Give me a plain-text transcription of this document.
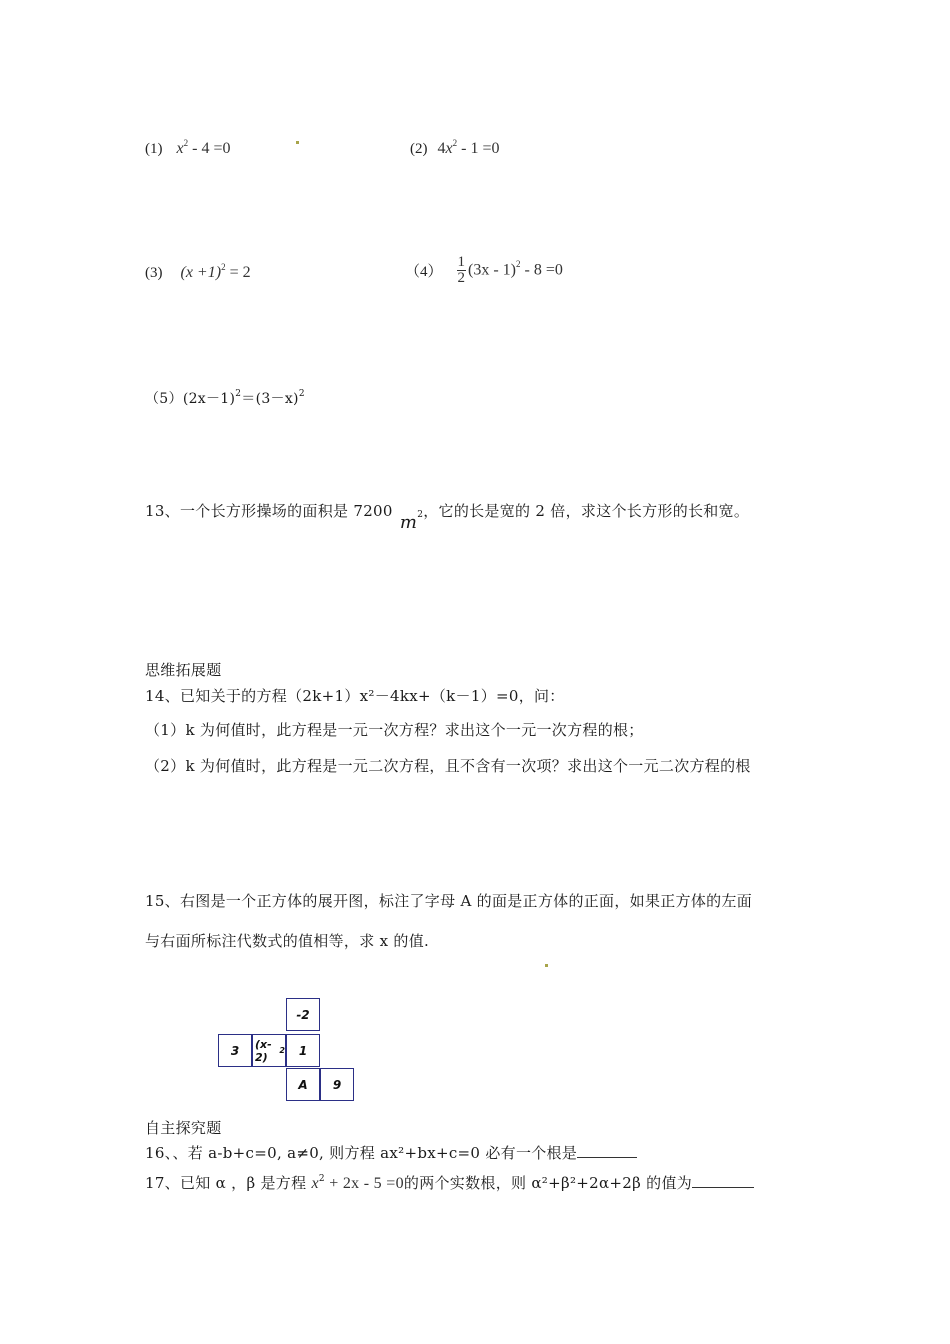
(1) $x^2 - 4 =0$	(2) $4x^2 - 1 =0$
(3) $(x +1)^2 = 2$	$(4) \frac{1}{2} (3x - 1)^2 - 8 =0$
$(5)(2x-1)^2=(3-x)^2$
13、一个长方形操场的面积是 7200 $m^2$，它的长是宽的 2 倍，求这个长方形的长和宽。
思维拓展题
14、已知关于的方程（2k+1）x²－4kx+（k－1）=0，问：
（1）k 为何值时，此方程是一元一次方程？求出这个一元一次方程的根；
（2）k 为何值时，此方程是一元二次方程，且不含有一次项？求出这个一元二次方程的根
15、右图是一个正方体的展开图，标注了字母 A 的面是正方体的正面，如果正方体的左面
与右面所标注代数式的值相等，求 x 的值.
-2
3	(x-2)
2	1
A	9
自主探究题
16、、若 a-b+c=0, a≠0, 则方程 ax²+bx+c=0 必有一个根是
17、已知 α ，β 是方程 $x^2 + 2x - 5 =0$的两个实数根，则 α²+β²+2α+2β 的值为
